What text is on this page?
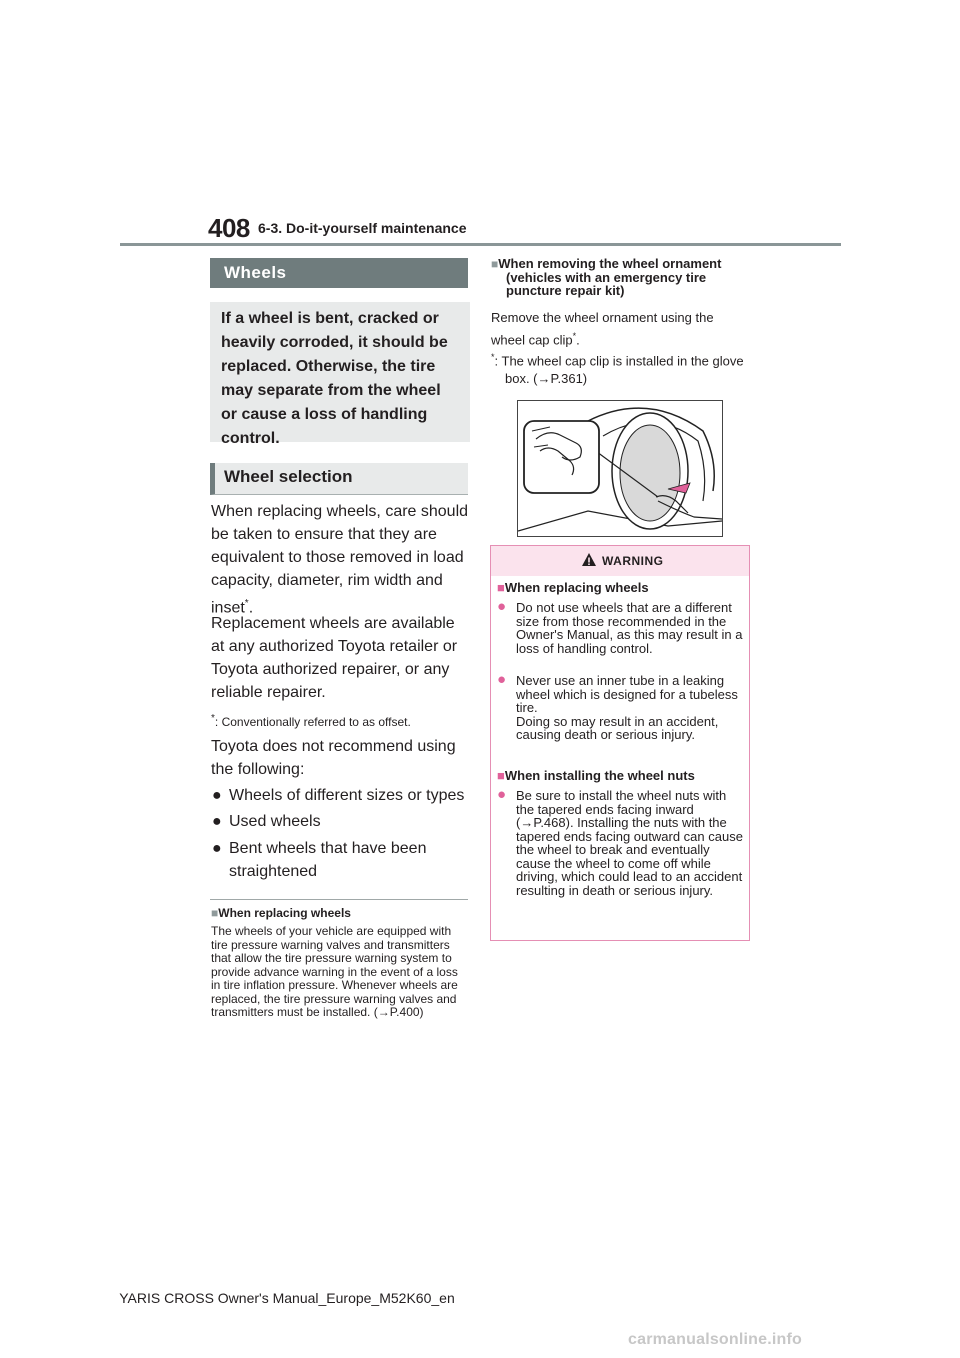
408 6-3. Do-it-yourself maintenance
Wheels
If a wheel is bent, cracked or heavily corroded, it should be replaced. Otherwise, the tire may separate from the wheel or cause a loss of handling control.
Wheel selection
When replacing wheels, care should be taken to ensure that they are equivalent to those removed in load capacity, diameter, rim width and inset*.
Replacement wheels are available at any authorized Toyota retailer or Toyota authorized repairer, or any reliable repairer.
*: Conventionally referred to as offset.
Toyota does not recommend using the following:
● Wheels of different sizes or types
● Used wheels
● Bent wheels that have been straightened
■When replacing wheels
The wheels of your vehicle are equipped with tire pressure warning valves and transmitters that allow the tire pressure warning system to provide advance warning in the event of a loss in tire inflation pressure. Whenever wheels are replaced, the tire pressure warning valves and transmitters must be installed. (→P.400)
■When removing the wheel ornament (vehicles with an emergency tire puncture repair kit)
Remove the wheel ornament using the wheel cap clip*.
*: The wheel cap clip is installed in the glove box. (→P.361)
WARNING
■When replacing wheels
● Do not use wheels that are a different size from those recommended in the Owner's Manual, as this may result in a loss of handling control.
● Never use an inner tube in a leaking wheel which is designed for a tubeless tire.
Doing so may result in an accident, causing death or serious injury.
■When installing the wheel nuts
● Be sure to install the wheel nuts with the tapered ends facing inward (→P.468). Installing the nuts with the tapered ends facing outward can cause the wheel to break and eventually cause the wheel to come off while driving, which could lead to an accident resulting in death or serious injury.
YARIS CROSS Owner's Manual_Europe_M52K60_en
carmanualsonline.info
